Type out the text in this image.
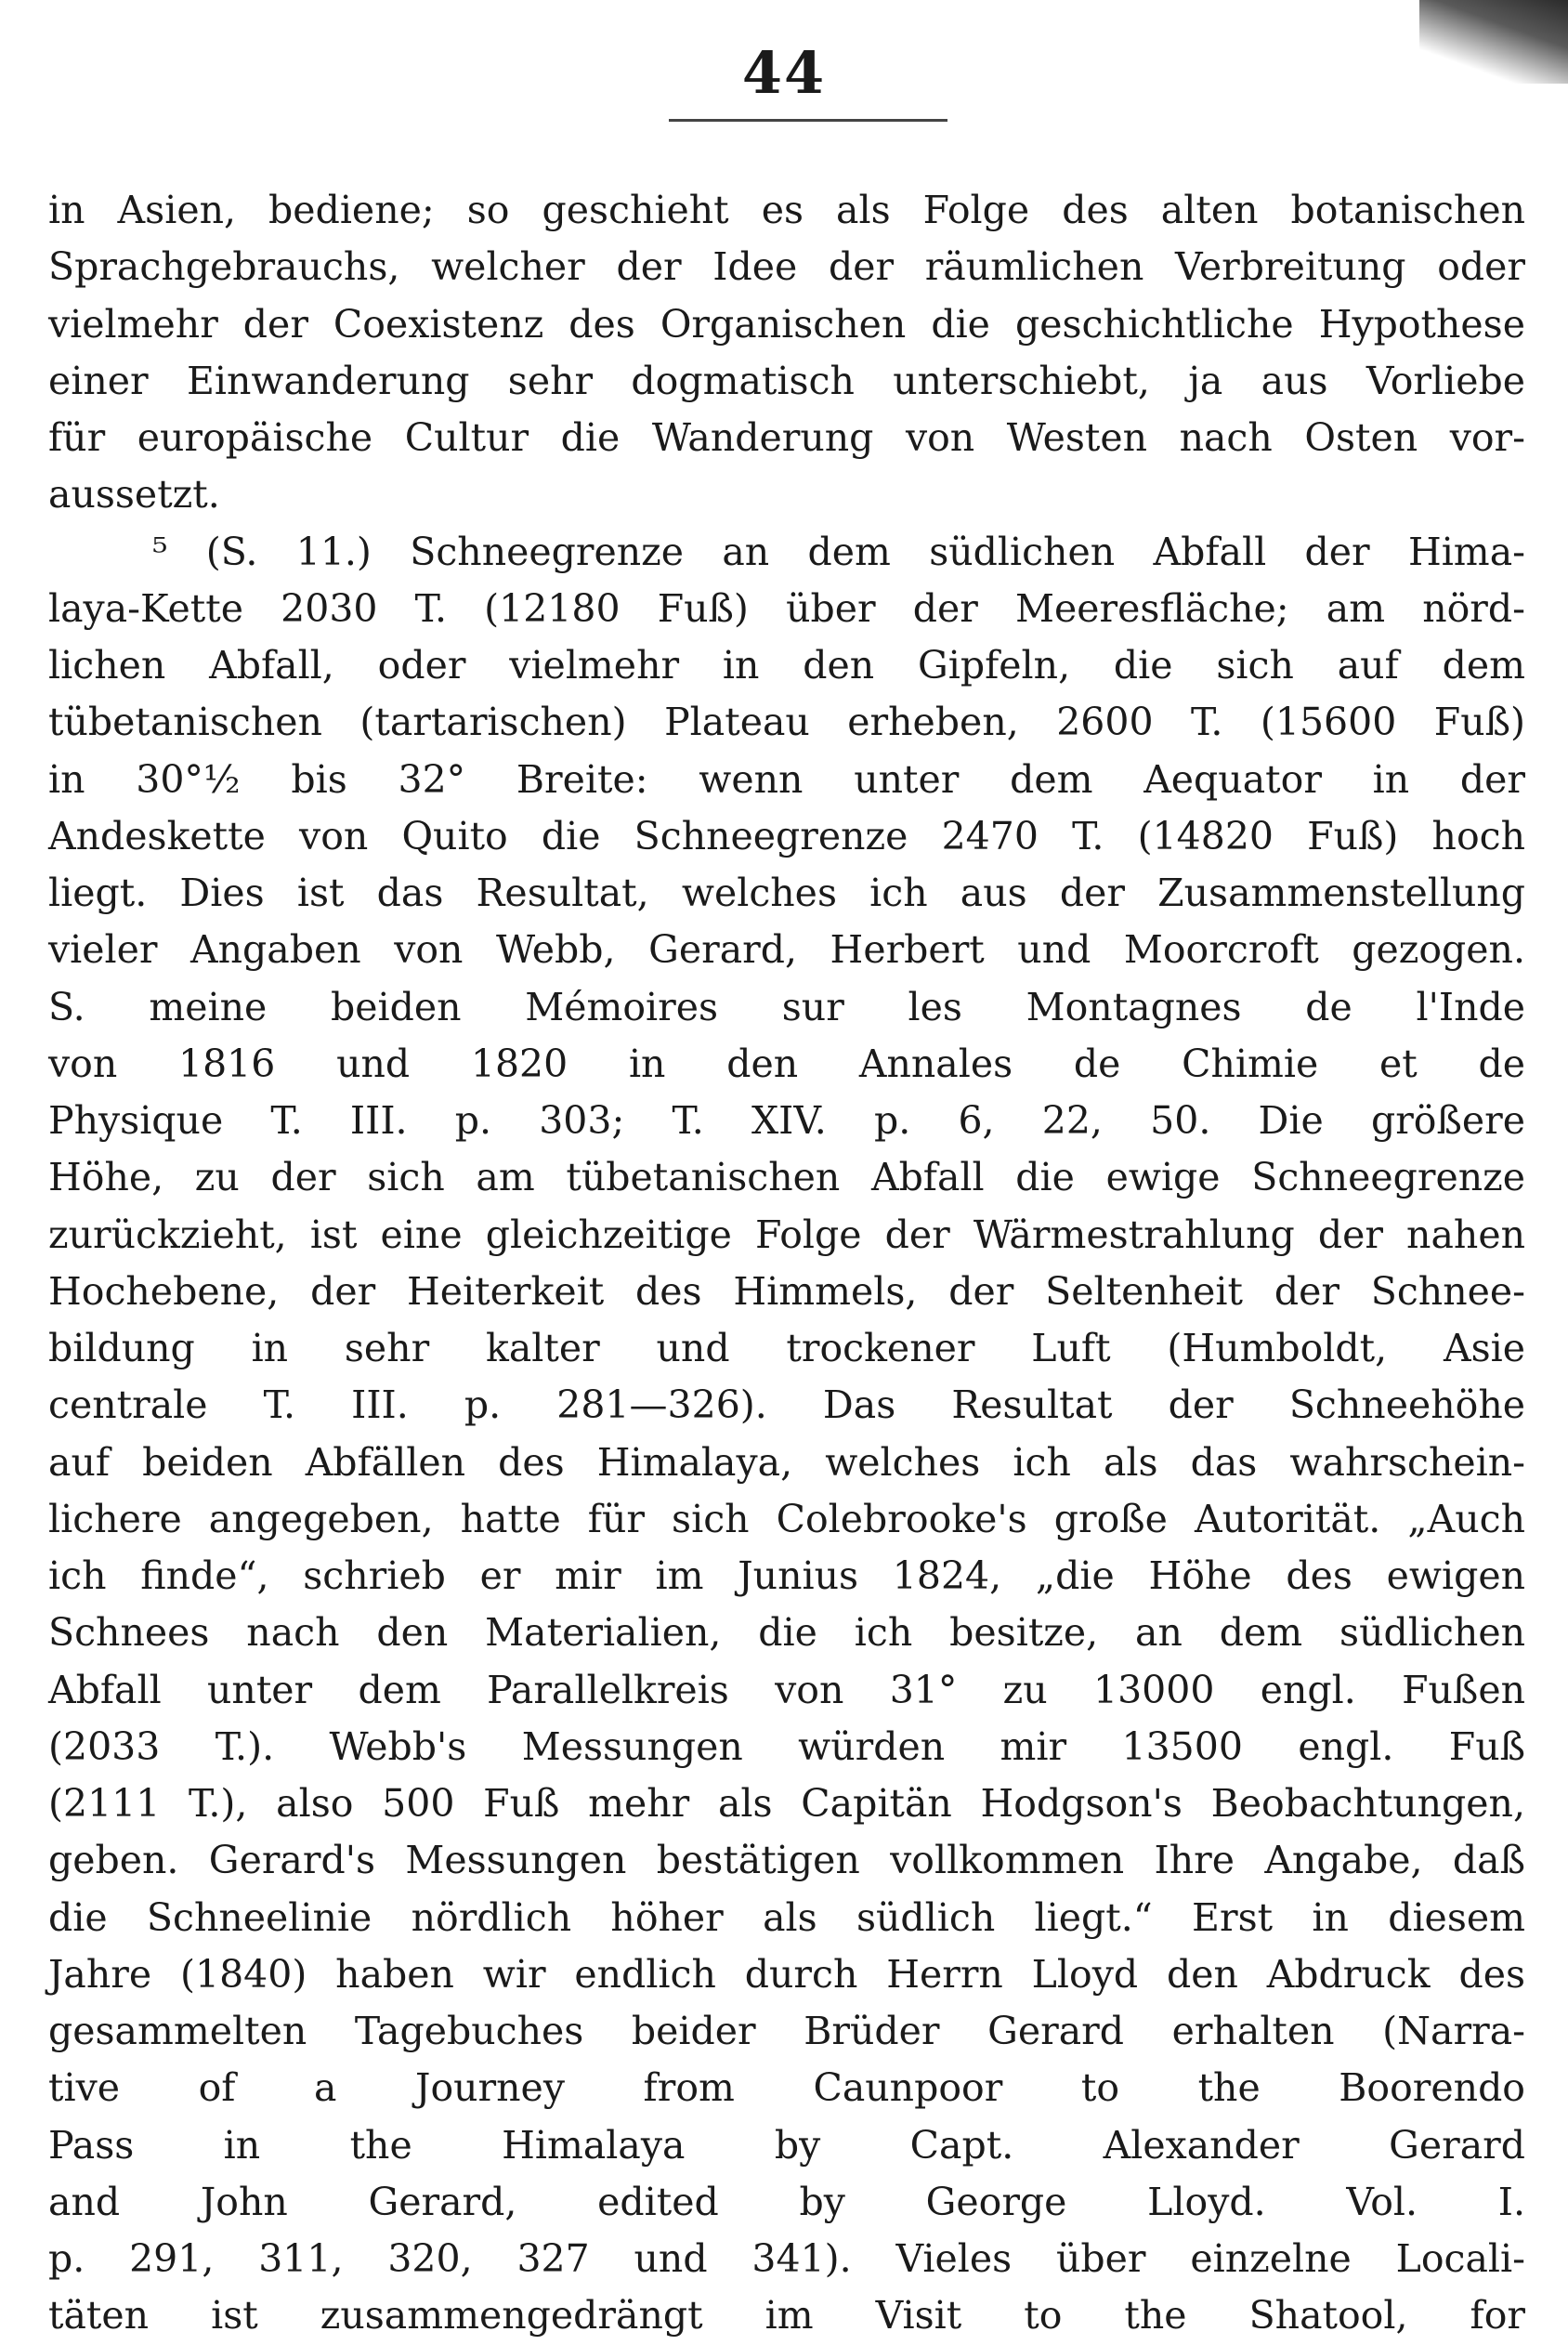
44
in Asien, bediene; so geschieht es als Folge des alten botanischen
Sprachgebrauchs, welcher der Idee der räumlichen Verbreitung oder
vielmehr der Coexistenz des Organischen die geschichtliche Hypothese
einer Einwanderung sehr dogmatisch unterschiebt, ja aus Vorliebe
für europäische Cultur die Wanderung von Westen nach Osten vor-
aussetzt.
⁵ (S. 11.) Schneegrenze an dem südlichen Abfall der Hima-
laya-Kette 2030 T. (12180 Fuß) über der Meeresfläche; am nörd-
lichen Abfall, oder vielmehr in den Gipfeln, die sich auf dem
tübetanischen (tartarischen) Plateau erheben, 2600 T. (15600 Fuß)
in 30°½ bis 32° Breite: wenn unter dem Aequator in der
Andeskette von Quito die Schneegrenze 2470 T. (14820 Fuß) hoch
liegt. Dies ist das Resultat, welches ich aus der Zusammenstellung
vieler Angaben von Webb, Gerard, Herbert und Moorcroft gezogen.
S. meine beiden Mémoires sur les Montagnes de l'Inde
von 1816 und 1820 in den Annales de Chimie et de
Physique T. III. p. 303; T. XIV. p. 6, 22, 50. Die größere
Höhe, zu der sich am tübetanischen Abfall die ewige Schneegrenze
zurückzieht, ist eine gleichzeitige Folge der Wärmestrahlung der nahen
Hochebene, der Heiterkeit des Himmels, der Seltenheit der Schnee-
bildung in sehr kalter und trockener Luft (Humboldt, Asie
centrale T. III. p. 281—326). Das Resultat der Schneehöhe
auf beiden Abfällen des Himalaya, welches ich als das wahrschein-
lichere angegeben, hatte für sich Colebrooke's große Autorität. „Auch
ich finde“, schrieb er mir im Junius 1824, „die Höhe des ewigen
Schnees nach den Materialien, die ich besitze, an dem südlichen
Abfall unter dem Parallelkreis von 31° zu 13000 engl. Fußen
(2033 T.). Webb's Messungen würden mir 13500 engl. Fuß
(2111 T.), also 500 Fuß mehr als Capitän Hodgson's Beobachtungen,
geben. Gerard's Messungen bestätigen vollkommen Ihre Angabe, daß
die Schneelinie nördlich höher als südlich liegt.“ Erst in diesem
Jahre (1840) haben wir endlich durch Herrn Lloyd den Abdruck des
gesammelten Tagebuches beider Brüder Gerard erhalten (Narra-
tive of a Journey from Caunpoor to the Boorendo
Pass in the Himalaya by Capt. Alexander Gerard
and John Gerard, edited by George Lloyd. Vol. I.
p. 291, 311, 320, 327 und 341). Vieles über einzelne Locali-
täten ist zusammengedrängt im Visit to the Shatool, for
